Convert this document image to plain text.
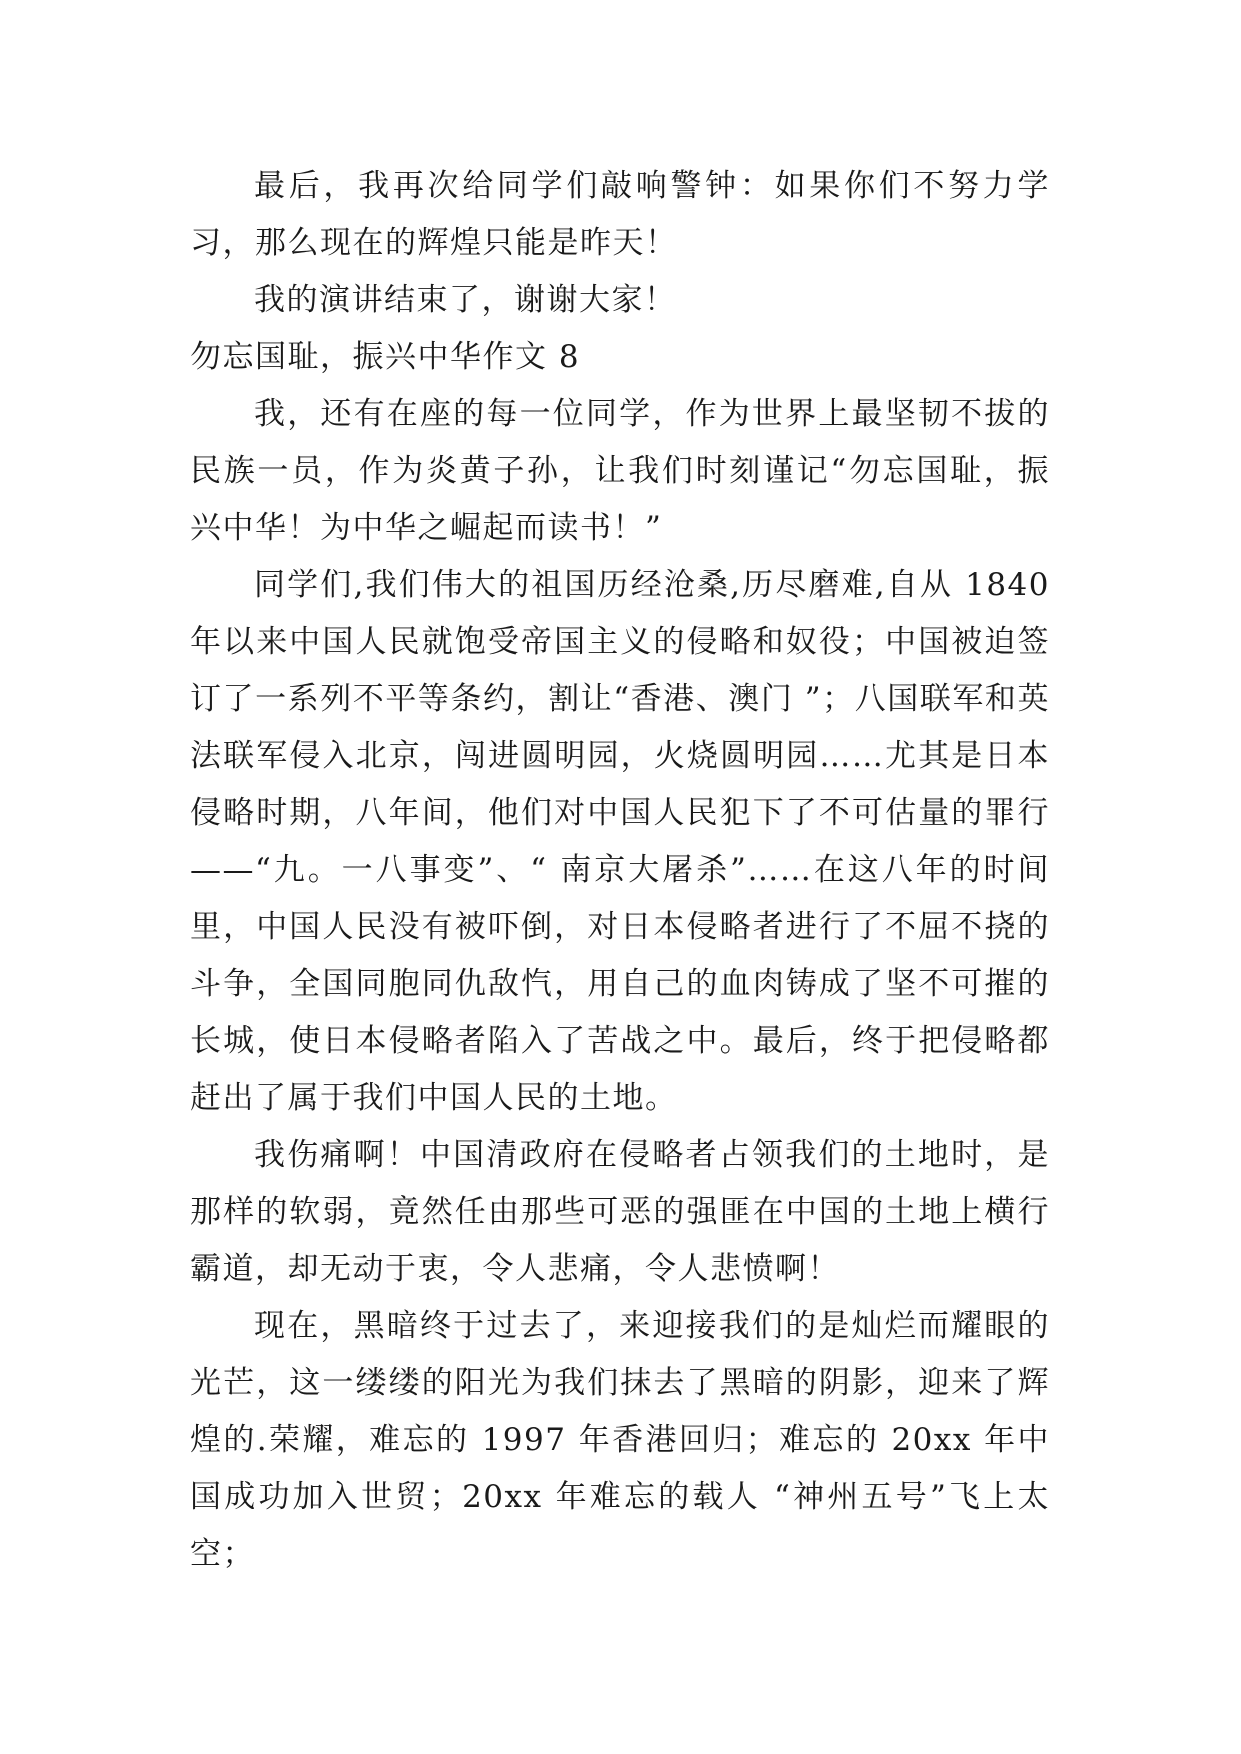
最后，我再次给同学们敲响警钟：如果你们不努力学习，那么现在的辉煌只能是昨天！

我的演讲结束了，谢谢大家！

勿忘国耻，振兴中华作文 8

我，还有在座的每一位同学，作为世界上最坚韧不拔的民族一员，作为炎黄子孙，让我们时刻谨记“勿忘国耻，振兴中华！为中华之崛起而读书！”

同学们,我们伟大的祖国历经沧桑,历尽磨难,自从 1840 年以来中国人民就饱受帝国主义的侵略和奴役；中国被迫签订了一系列不平等条约，割让“香港、澳门 ”；八国联军和英法联军侵入北京，闯进圆明园，火烧圆明园……尤其是日本侵略时期，八年间，他们对中国人民犯下了不可估量的罪行——“九。一八事变”、“ 南京大屠杀”……在这八年的时间里，中国人民没有被吓倒，对日本侵略者进行了不屈不挠的斗争，全国同胞同仇敌忾，用自己的血肉铸成了坚不可摧的长城，使日本侵略者陷入了苦战之中。最后，终于把侵略都赶出了属于我们中国人民的土地。

我伤痛啊！中国清政府在侵略者占领我们的土地时，是那样的软弱，竟然任由那些可恶的强匪在中国的土地上横行霸道，却无动于衷，令人悲痛，令人悲愤啊！

现在，黑暗终于过去了，来迎接我们的是灿烂而耀眼的光芒，这一缕缕的阳光为我们抹去了黑暗的阴影，迎来了辉煌的.荣耀，难忘的 1997 年香港回归；难忘的 20xx 年中国成功加入世贸；20xx 年难忘的载人 “神州五号”飞上太空；
